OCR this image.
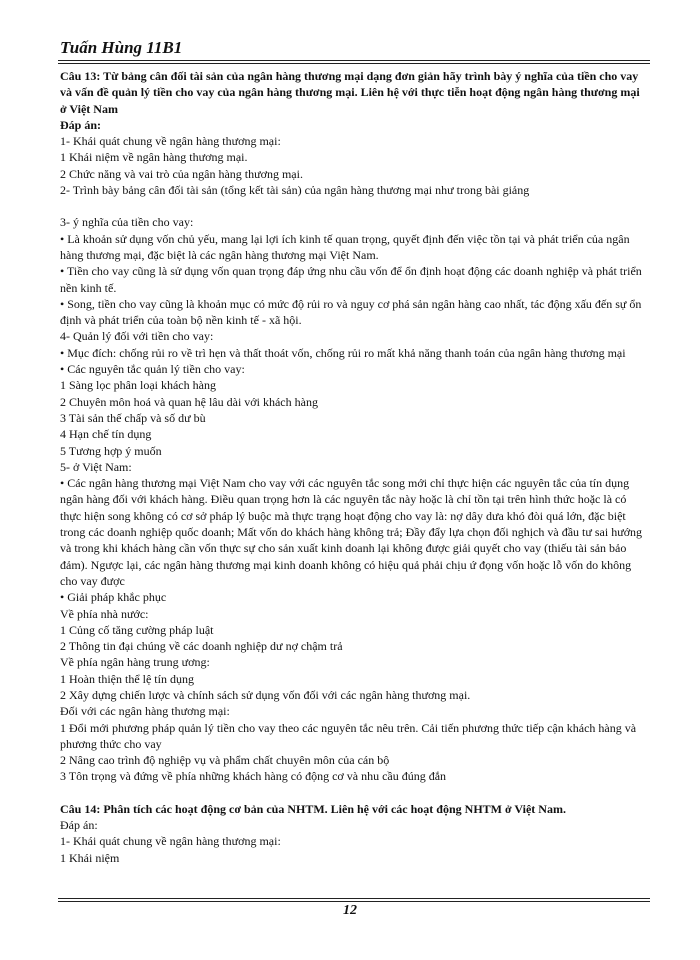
Tuấn Hùng 11B1

Câu 13: Từ bảng cân đối tài sản của ngân hàng thương mại dạng đơn giản hãy trình bày ý nghĩa của tiền cho vay và vấn đề quản lý tiền cho vay của ngân hàng thương mại. Liên hệ với thực tiễn hoạt động ngân hàng thương mại ở Việt Nam

Đáp án:

1- Khái quát chung về ngân hàng thương mại:

1 Khái niệm về ngân hàng thương mại.

2 Chức năng và vai trò của ngân hàng thương mại.

2- Trình bày bảng cân đối tài sản (tổng kết tài sản) của ngân hàng thương mại như trong bài giảng

3- ý nghĩa của tiền cho vay:

• Là khoản sử dụng vốn chủ yếu, mang lại lợi ích kinh tế quan trọng, quyết định đến việc tồn tại và phát triển của ngân hàng thương mại, đặc biệt là các ngân hàng thương mại Việt Nam.

• Tiền cho vay cũng là sử dụng vốn quan trọng đáp ứng nhu cầu vốn để ổn định hoạt động các doanh nghiệp và phát triển nền kinh tế.

• Song, tiền cho vay cũng là khoản mục có mức độ rủi ro và nguy cơ phá sản ngân hàng cao nhất, tác động xấu đến sự ổn định và phát triển của toàn bộ nền kinh tế - xã hội.

4- Quản lý đối với tiền cho vay:

• Mục đích: chống rủi ro về trì hẹn và thất thoát vốn, chống rủi ro mất khả năng thanh toán của ngân hàng thương mại

• Các nguyên tắc quản lý tiền cho vay:

1 Sàng lọc phân loại khách hàng

2 Chuyên môn hoá và quan hệ lâu dài với khách hàng

3 Tài sản thế chấp và số dư bù

4 Hạn chế tín dụng

5 Tương hợp ý muốn

5- ở Việt Nam:

• Các ngân hàng thương mại Việt Nam cho vay với các nguyên tắc song mới chỉ thực hiện các nguyên tắc của tín dụng ngân hàng đối với khách hàng. Điều quan trọng hơn là các nguyên tắc này hoặc là chỉ tồn tại trên hình thức hoặc là có thực hiện song không có cơ sở pháp lý buộc mà thực trạng hoạt động cho vay là: nợ dây dưa khó đòi quá lớn, đặc biệt trong các doanh nghiệp quốc doanh; Mất vốn do khách hàng không trả; Đầy đẩy lựa chọn đối nghịch và đầu tư sai hướng và trong khi khách hàng cần vốn thực sự cho sản xuất kinh doanh lại không được giải quyết cho vay (thiếu tài sản bảo đảm). Ngược lại, các ngân hàng thương mại kinh doanh không có hiệu quả phải chịu ứ đọng vốn hoặc lỗ vốn do không cho vay được

• Giải pháp khắc phục

Về phía nhà nước:

1 Củng cố tăng cường pháp luật

2 Thông tin đại chúng về các doanh nghiệp dư nợ chậm trả

Về phía ngân hàng trung ương:

1 Hoàn thiện thể lệ tín dụng

2 Xây dựng chiến lược và chính sách sử dụng vốn đối với các ngân hàng thương mại.

Đối với các ngân hàng thương mại:

1 Đổi mới phương pháp quản lý tiền cho vay theo các nguyên tắc nêu trên. Cải tiến phương thức tiếp cận khách hàng và phương thức cho vay

2 Nâng cao trình độ nghiệp vụ và phẩm chất chuyên môn của cán bộ

3 Tôn trọng và đứng về phía những khách hàng có động cơ và nhu cầu đúng đắn

Câu 14: Phân tích các hoạt động cơ bản của NHTM. Liên hệ với các hoạt động NHTM ở Việt Nam.

Đáp án:

1- Khái quát chung về ngân hàng thương mại:

1 Khái niệm

12
